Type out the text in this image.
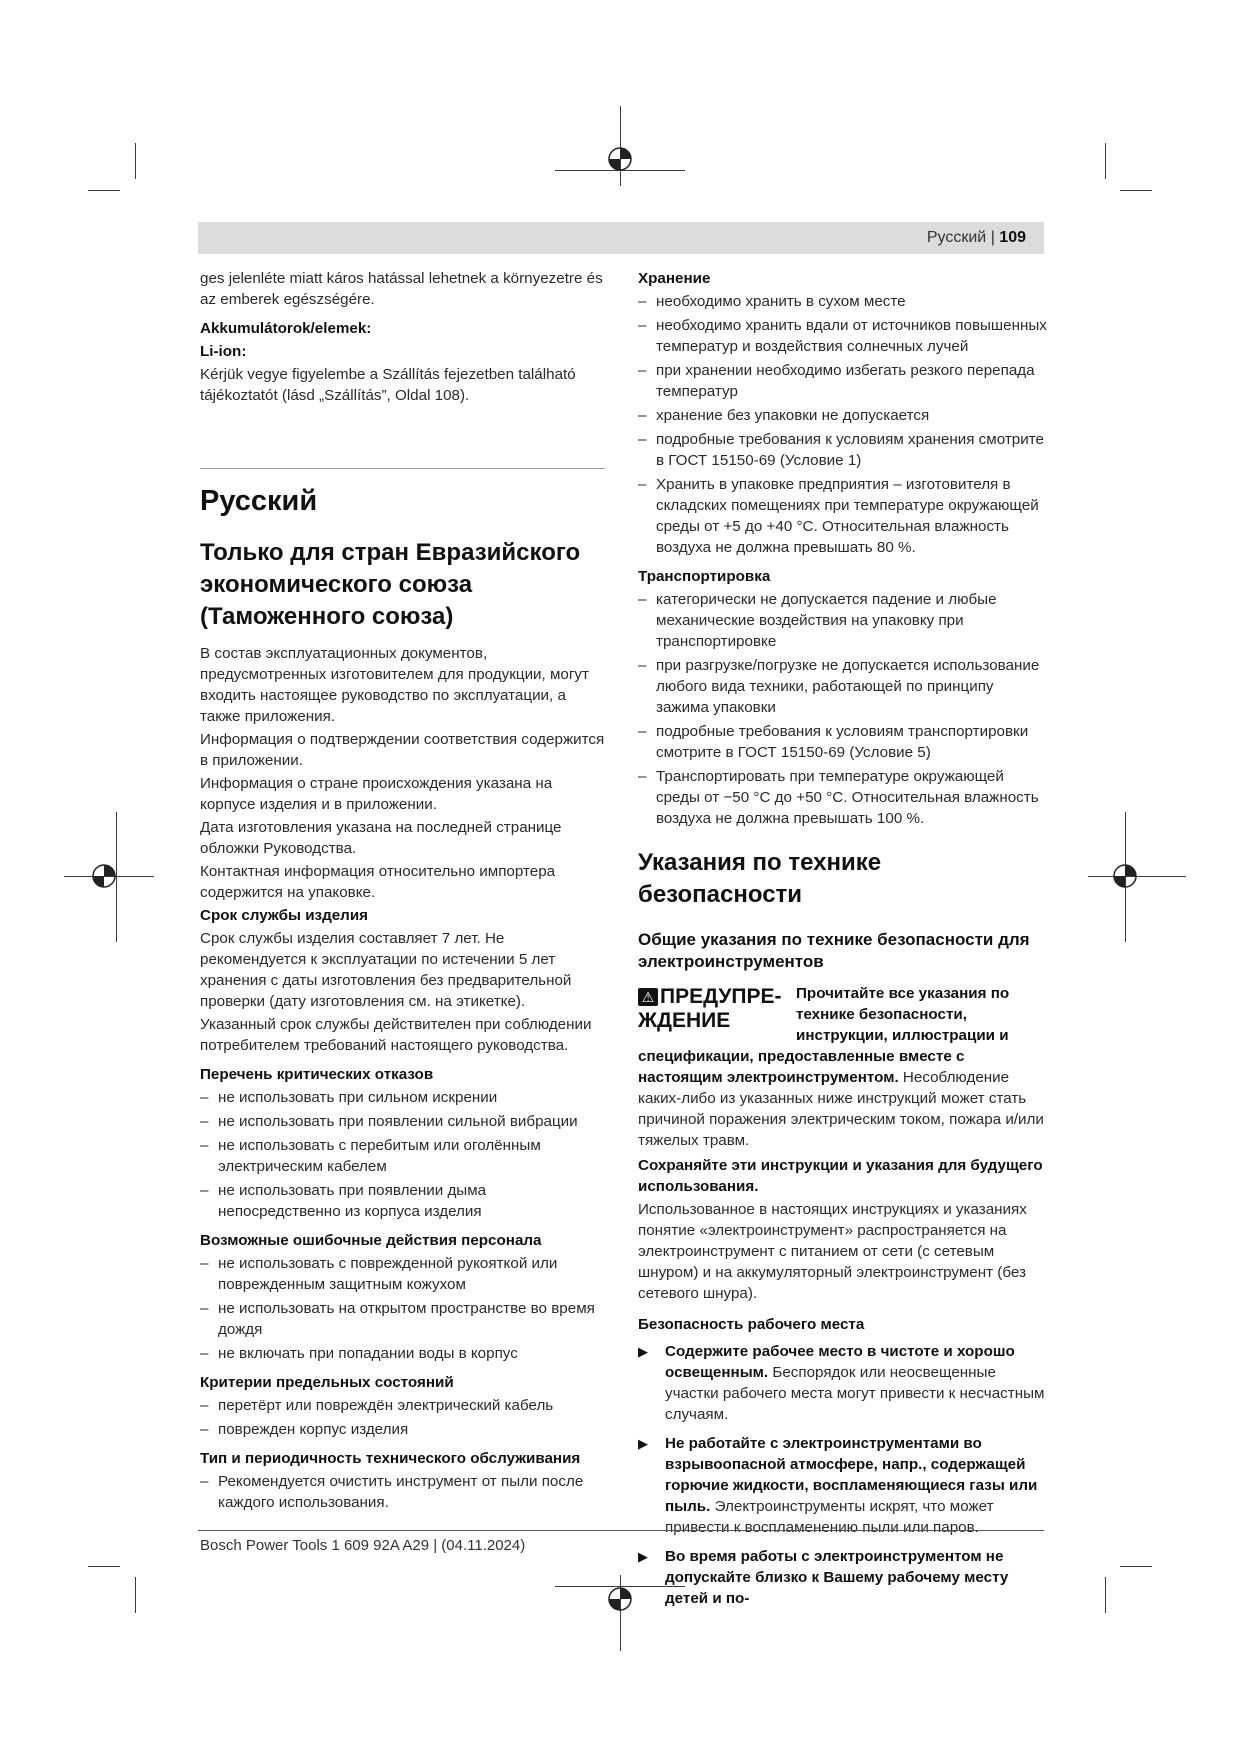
Русский | 109

ges jelenléte miatt káros hatással lehetnek a környezetre és az emberek egészségére.

Akkumulátorok/elemek:

Li-ion:

Kérjük vegye figyelembe a Szállítás fejezetben található tájékoztatót (lásd „Szállítás”, Oldal 108).

Русский
Только для стран Евразийского экономического союза (Таможенного союза)

В состав эксплуатационных документов, предусмотренных изготовителем для продукции, могут входить настоящее руководство по эксплуатации, а также приложения.

Информация о подтверждении соответствия содержится в приложении.

Информация о стране происхождения указана на корпусе изделия и в приложении.

Дата изготовления указана на последней странице обложки Руководства.

Контактная информация относительно импортера содержится на упаковке.

Срок службы изделия

Срок службы изделия составляет 7 лет. Не рекомендуется к эксплуатации по истечении 5 лет хранения с даты изготовления без предварительной проверки (дату изготовления см. на этикетке).

Указанный срок службы действителен при соблюдении потребителем требований настоящего руководства.

Перечень критических отказов

– не использовать при сильном искрении
– не использовать при появлении сильной вибрации
– не использовать с перебитым или оголённым электрическим кабелем
– не использовать при появлении дыма непосредственно из корпуса изделия

Возможные ошибочные действия персонала

– не использовать с поврежденной рукояткой или поврежденным защитным кожухом
– не использовать на открытом пространстве во время дождя
– не включать при попадании воды в корпус

Критерии предельных состояний

– перетёрт или повреждён электрический кабель
– поврежден корпус изделия

Тип и периодичность технического обслуживания

– Рекомендуется очистить инструмент от пыли после каждого использования.

Хранение

– необходимо хранить в сухом месте
– необходимо хранить вдали от источников повышенных температур и воздействия солнечных лучей
– при хранении необходимо избегать резкого перепада температур
– хранение без упаковки не допускается
– подробные требования к условиям хранения смотрите в ГОСТ 15150-69 (Условие 1)
– Хранить в упаковке предприятия – изготовителя в складских помещениях при температуре окружающей среды от +5 до +40 °C. Относительная влажность воздуха не должна превышать 80 %.

Транспортировка

– категорически не допускается падение и любые механические воздействия на упаковку при транспортировке
– при разгрузке/погрузке не допускается использование любого вида техники, работающей по принципу зажима упаковки
– подробные требования к условиям транспортировки смотрите в ГОСТ 15150-69 (Условие 5)
– Транспортировать при температуре окружающей среды от −50 °C до +50 °C. Относительная влажность воздуха не должна превышать 100 %.
Указания по технике безопасности
Общие указания по технике безопасности для электроинструментов
⚠ ПРЕДУПРЕ-ЖДЕНИЕ
Прочитайте все указания по технике безопасности, инструкции, иллюстрации и спецификации, предоставленные вместе с настоящим электроинструментом. Несоблюдение каких-либо из указанных ниже инструкций может стать причиной поражения электрическим током, пожара и/или тяжелых травм.

Сохраняйте эти инструкции и указания для будущего использования.

Использованное в настоящих инструкциях и указаниях понятие «электроинструмент» распространяется на электроинструмент с питанием от сети (с сетевым шнуром) и на аккумуляторный электроинструмент (без сетевого шнура).

Безопасность рабочего места

▶ Содержите рабочее место в чистоте и хорошо освещенным. Беспорядок или неосвещенные участки рабочего места могут привести к несчастным случаям.
▶ Не работайте с электроинструментами во взрывоопасной атмосфере, напр., содержащей горючие жидкости, воспламеняющиеся газы или пыль. Электроинструменты искрят, что может привести к воспламенению пыли или паров.
▶ Во время работы с электроинструментом не допускайте близко к Вашему рабочему месту детей и по-
Bosch Power Tools 1 609 92A A29 | (04.11.2024)
